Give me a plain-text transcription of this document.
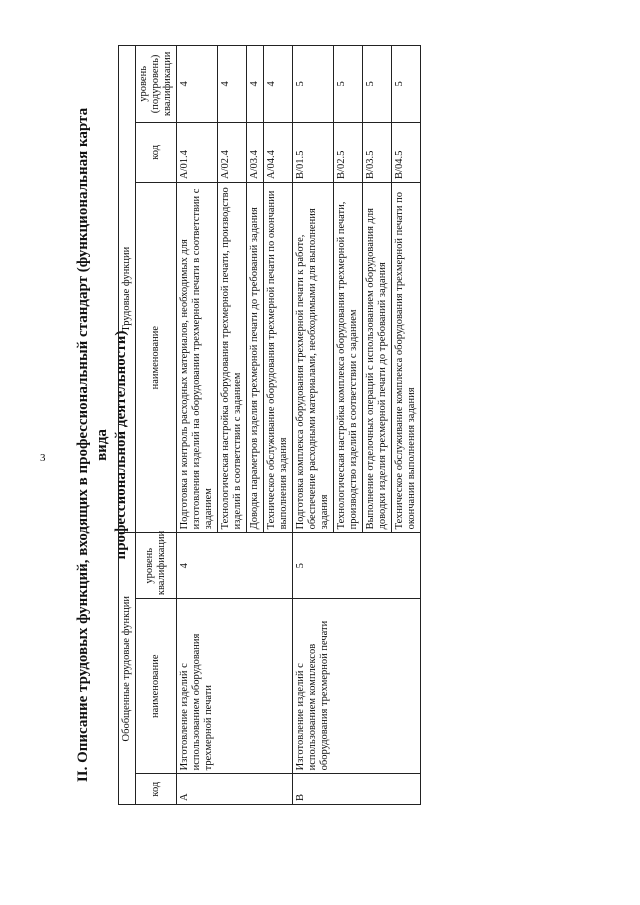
3 II. Описание трудовых функций, входящих в профессиональный стандарт (функциональная карта вида профессиональной деятельности)
Обобщенные трудовые функции			Трудовые функции		
код	наименование	уровень квалификации	наименование	код	уровень (подуровень) квалификации
A	Изготовление изделий с использованием оборудования трехмерной печати	4	Подготовка и контроль расходных материалов, необходимых для изготовления изделий на оборудовании трехмерной печати в соответствии с заданием	A/01.4	4
			Технологическая настройка оборудования трехмерной печати, производство изделий в соответствии с заданием	A/02.4	4
			Доводка параметров изделия трехмерной печати до требований задания	A/03.4	4
			Техническое обслуживание оборудования трехмерной печати по окончании выполнения задания	A/04.4	4
B	Изготовление изделий с использованием комплексов оборудования трехмерной печати	5	Подготовка комплекса оборудования трехмерной печати к работе, обеспечение расходными материалами, необходимыми для выполнения задания	B/01.5	5
			Технологическая настройка комплекса оборудования трехмерной печати, производство изделий в соответствии с заданием	B/02.5	5
			Выполнение отделочных операций с использованием оборудования для доводки изделия трехмерной печати до требований задания	B/03.5	5
			Техническое обслуживание комплекса оборудования трехмерной печати по окончании выполнения задания	B/04.5	5
